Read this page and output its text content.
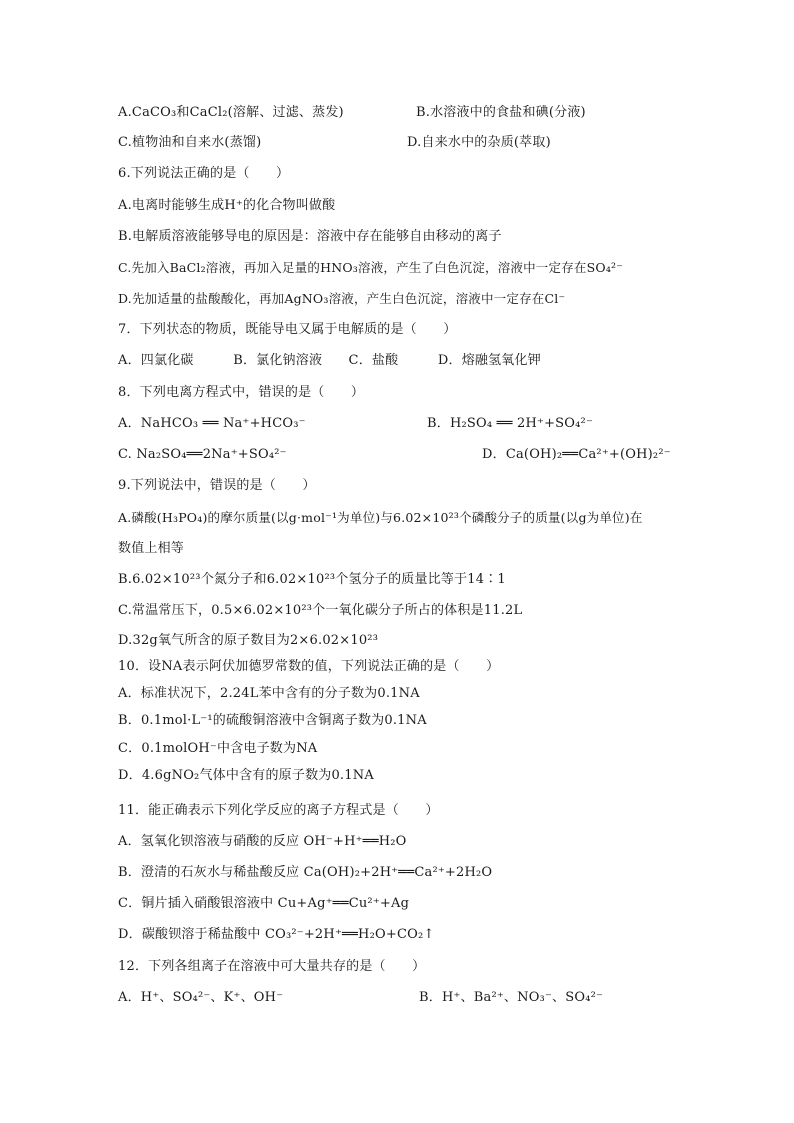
A.CaCO₃和CaCl₂(溶解、过滤、蒸发)	B.水溶液中的食盐和碘(分液)
C.植物油和自来水(蒸馏)	D.自来水中的杂质(萃取)
6.下列说法正确的是（　　）
A.电离时能够生成H⁺的化合物叫做酸
B.电解质溶液能够导电的原因是：溶液中存在能够自由移动的离子
C.先加入BaCl₂溶液，再加入足量的HNO₃溶液，产生了白色沉淀，溶液中一定存在SO₄²⁻
D.先加适量的盐酸酸化，再加AgNO₃溶液，产生白色沉淀，溶液中一定存在Cl⁻
7．下列状态的物质，既能导电又属于电解质的是（　　）
A．四氯化碳　　　B．氯化钠溶液　　C．盐酸　　　D．熔融氢氧化钾
8．下列电离方程式中，错误的是（　　）
A．NaHCO₃ ══ Na⁺+HCO₃⁻	B．H₂SO₄ ══ 2H⁺+SO₄²⁻
C. Na₂SO₄══2Na⁺+SO₄²⁻	D．Ca(OH)₂══Ca²⁺+(OH)₂²⁻
9.下列说法中，错误的是（　　）
A.磷酸(H₃PO₄)的摩尔质量(以g·mol⁻¹为单位)与6.02×10²³个磷酸分子的质量(以g为单位)在
数值上相等
B.6.02×10²³个氮分子和6.02×10²³个氢分子的质量比等于14∶1
C.常温常压下，0.5×6.02×10²³个一氧化碳分子所占的体积是11.2L
D.32g氧气所含的原子数目为2×6.02×10²³
10．设NA表示阿伏加德罗常数的值，下列说法正确的是（　　）
A．标准状况下，2.24L苯中含有的分子数为0.1NA
B．0.1mol·L⁻¹的硫酸铜溶液中含铜离子数为0.1NA
C．0.1molOH⁻中含电子数为NA
D．4.6gNO₂气体中含有的原子数为0.1NA
11．能正确表示下列化学反应的离子方程式是（　　）
A．氢氧化钡溶液与硝酸的反应 OH⁻+H⁺══H₂O
B．澄清的石灰水与稀盐酸反应 Ca(OH)₂+2H⁺══Ca²⁺+2H₂O
C．铜片插入硝酸银溶液中 Cu+Ag⁺══Cu²⁺+Ag
D．碳酸钡溶于稀盐酸中 CO₃²⁻+2H⁺══H₂O+CO₂↑
12．下列各组离子在溶液中可大量共存的是（　　）
A．H⁺、SO₄²⁻、K⁺、OH⁻	B．H⁺、Ba²⁺、NO₃⁻、SO₄²⁻
